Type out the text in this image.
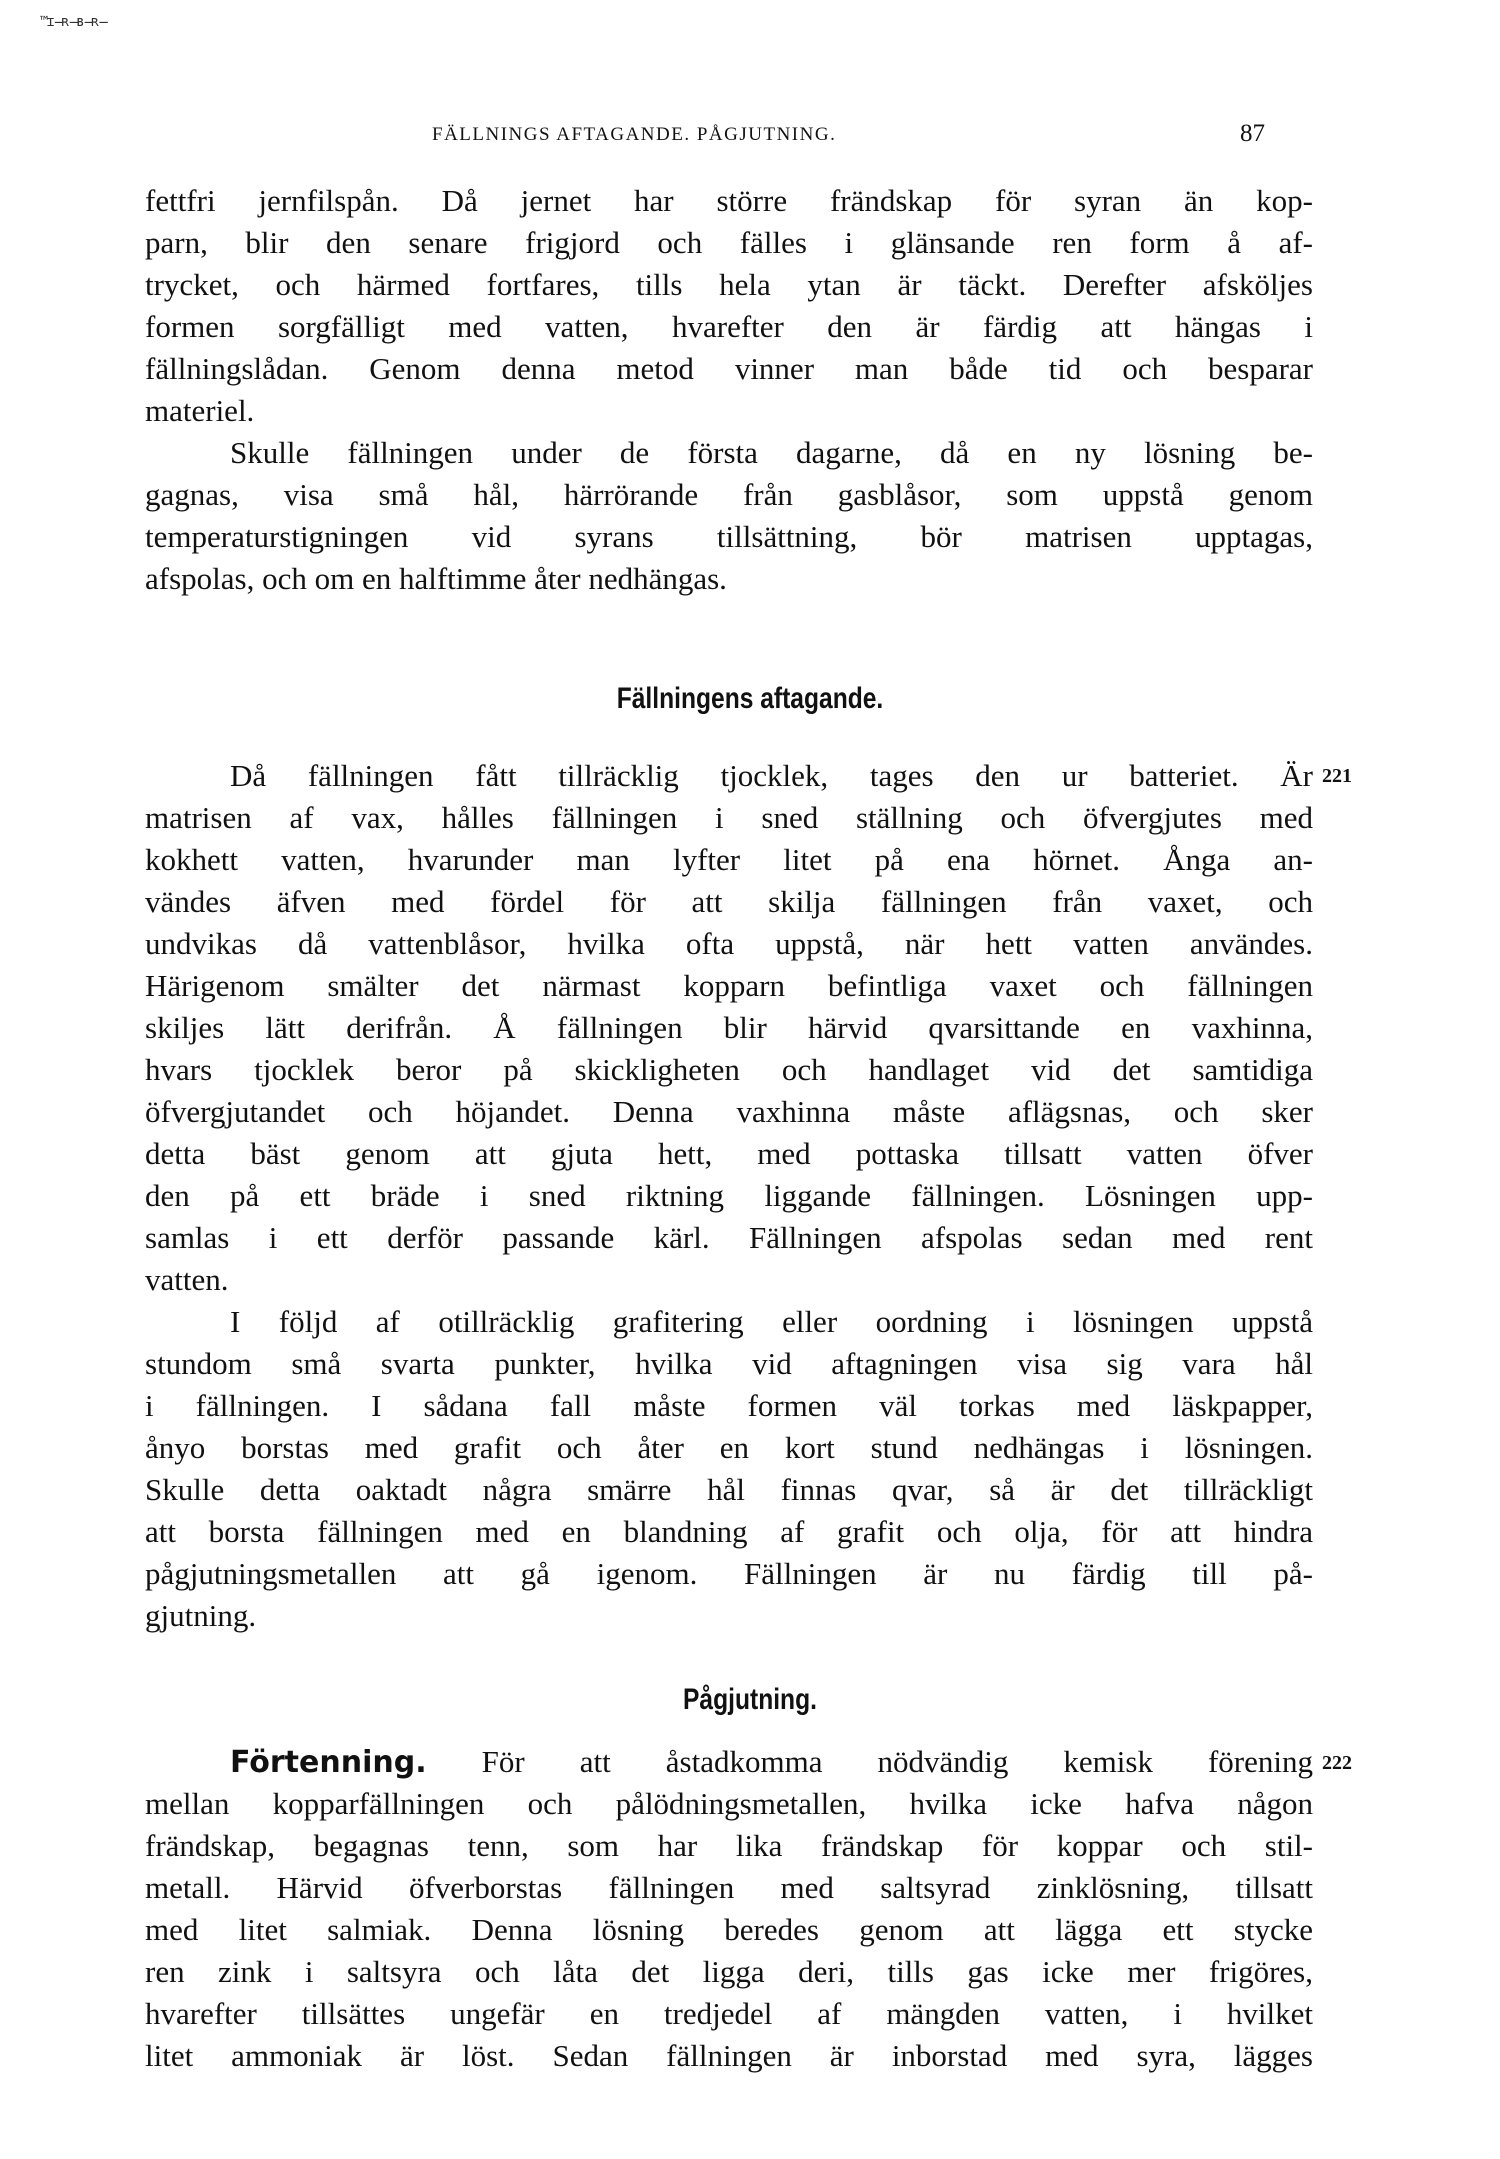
™ɪ̶ʀ̶ʙ̶ʀ̶
FÄLLNINGS AFTAGANDE. PÅGJUTNING.	87
fettfri jernfilspån. Då jernet har större frändskap för syran än kop-
parn, blir den senare frigjord och fälles i glänsande ren form å af-
trycket, och härmed fortfares, tills hela ytan är täckt. Derefter afsköljes
formen sorgfälligt med vatten, hvarefter den är färdig att hängas i
fällningslådan. Genom denna metod vinner man både tid och besparar
materiel.
Skulle fällningen under de första dagarne, då en ny lösning be-
gagnas, visa små hål, härrörande från gasblåsor, som uppstå genom
temperaturstigningen vid syrans tillsättning, bör matrisen upptagas,
afspolas, och om en halftimme åter nedhängas.
Fällningens aftagande.
221
Då fällningen fått tillräcklig tjocklek, tages den ur batteriet. Är
matrisen af vax, hålles fällningen i sned ställning och öfvergjutes med
kokhett vatten, hvarunder man lyfter litet på ena hörnet. Ånga an-
vändes äfven med fördel för att skilja fällningen från vaxet, och
undvikas då vattenblåsor, hvilka ofta uppstå, när hett vatten användes.
Härigenom smälter det närmast kopparn befintliga vaxet och fällningen
skiljes lätt derifrån. Å fällningen blir härvid qvarsittande en vaxhinna,
hvars tjocklek beror på skickligheten och handlaget vid det samtidiga
öfvergjutandet och höjandet. Denna vaxhinna måste aflägsnas, och sker
detta bäst genom att gjuta hett, med pottaska tillsatt vatten öfver
den på ett bräde i sned riktning liggande fällningen. Lösningen upp-
samlas i ett derför passande kärl. Fällningen afspolas sedan med rent
vatten.
I följd af otillräcklig grafitering eller oordning i lösningen uppstå
stundom små svarta punkter, hvilka vid aftagningen visa sig vara hål
i fällningen. I sådana fall måste formen väl torkas med läskpapper,
ånyo borstas med grafit och åter en kort stund nedhängas i lösningen.
Skulle detta oaktadt några smärre hål finnas qvar, så är det tillräckligt
att borsta fällningen med en blandning af grafit och olja, för att hindra
pågjutningsmetallen att gå igenom. Fällningen är nu färdig till på-
gjutning.
Pågjutning.
222
Förtenning. För att åstadkomma nödvändig kemisk förening
mellan kopparfällningen och pålödningsmetallen, hvilka icke hafva någon
frändskap, begagnas tenn, som har lika frändskap för koppar och stil-
metall. Härvid öfverborstas fällningen med saltsyrad zinklösning, tillsatt
med litet salmiak. Denna lösning beredes genom att lägga ett stycke
ren zink i saltsyra och låta det ligga deri, tills gas icke mer frigöres,
hvarefter tillsättes ungefär en tredjedel af mängden vatten, i hvilket
litet ammoniak är löst. Sedan fällningen är inborstad med syra, lägges
